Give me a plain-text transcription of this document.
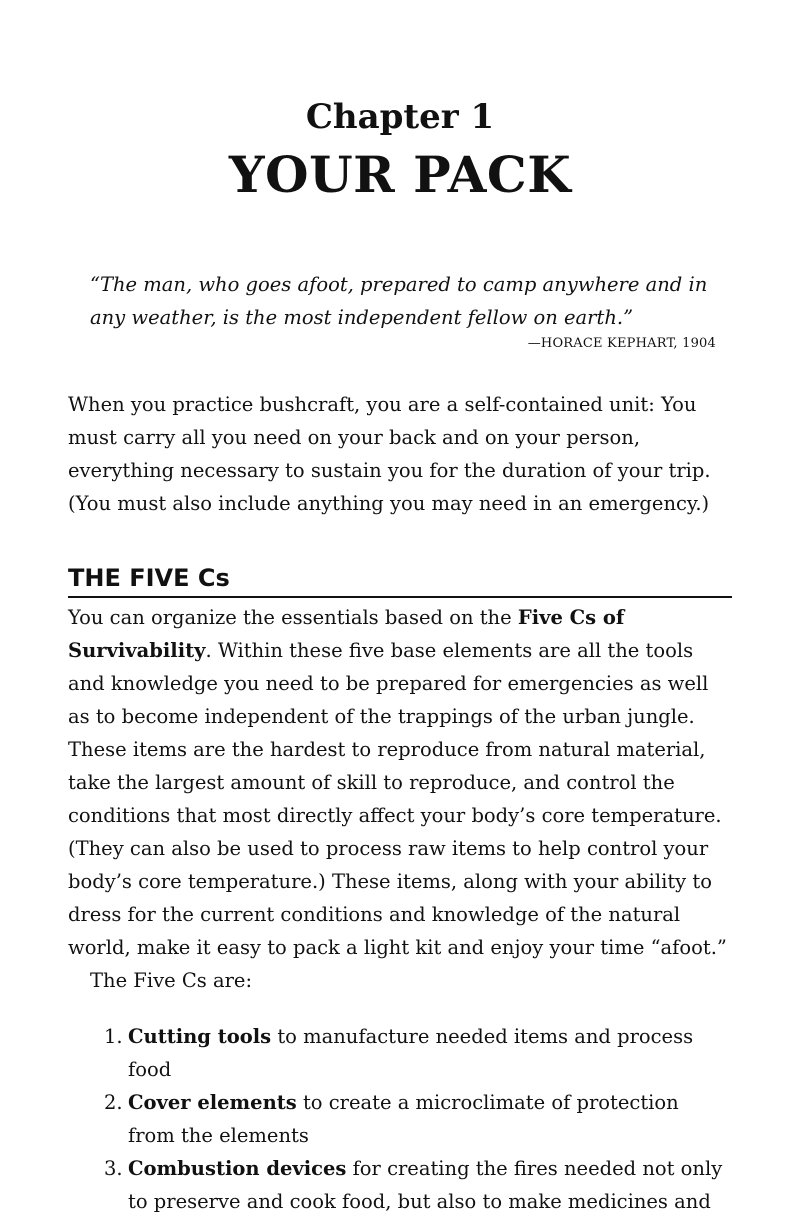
Chapter 1
YOUR PACK

“The man, who goes afoot, prepared to camp anywhere and in any weather, is the most independent fellow on earth.”

—HORACE KEPHART, 1904

When you practice bushcraft, you are a self-contained unit: You must carry all you need on your back and on your person, everything necessary to sustain you for the duration of your trip. (You must also include anything you may need in an emergency.)

THE FIVE Cs

You can organize the essentials based on the Five Cs of Survivability. Within these five base elements are all the tools and knowledge you need to be prepared for emergencies as well as to become independent of the trappings of the urban jungle. These items are the hardest to reproduce from natural material, take the largest amount of skill to reproduce, and control the conditions that most directly affect your body’s core temperature. (They can also be used to process raw items to help control your body’s core temperature.) These items, along with your ability to dress for the current conditions and knowledge of the natural world, make it easy to pack a light kit and enjoy your time “afoot.”

The Five Cs are:

1. Cutting tools to manufacture needed items and process food
2. Cover elements to create a microclimate of protection from the elements
3. Combustion devices for creating the fires needed not only to preserve and cook food, but also to make medicines and
